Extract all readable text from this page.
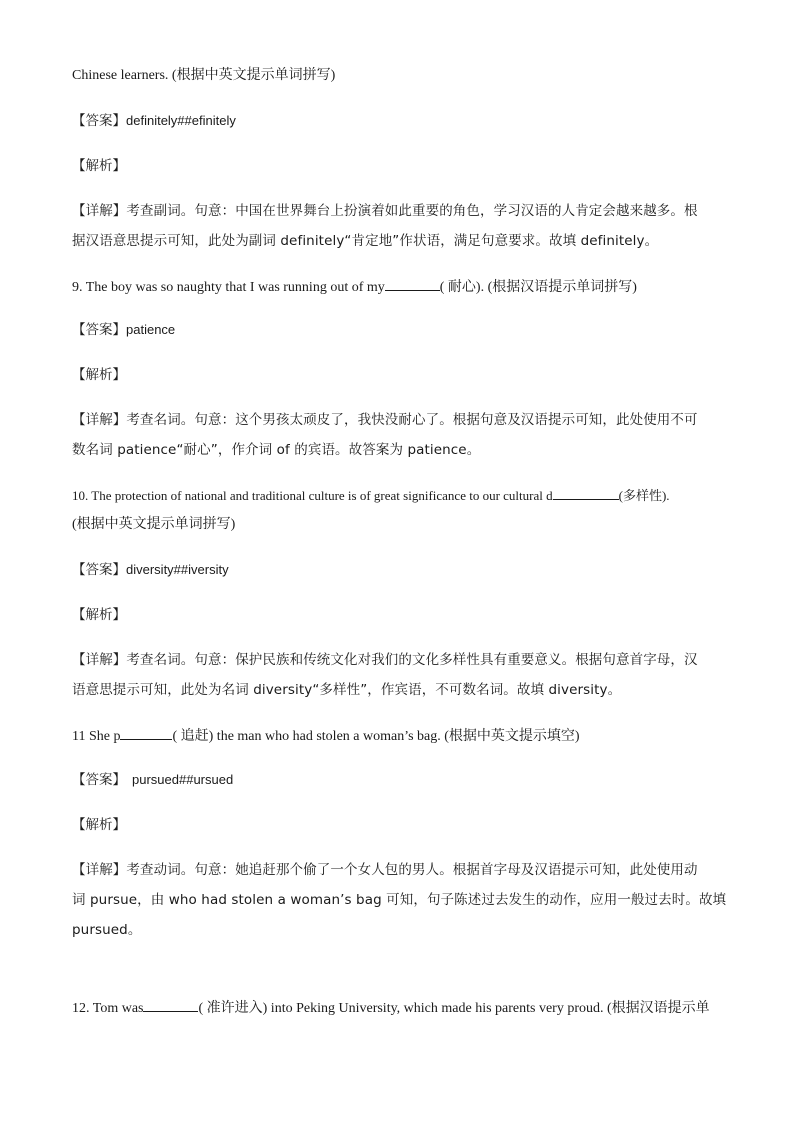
Chinese learners. (根据中英文提示单词拼写)
【答案】definitely##efinitely
【解析】
【详解】考查副词。句意：中国在世界舞台上扮演着如此重要的角色，学习汉语的人肯定会越来越多。根
据汉语意思提示可知，此处为副词 definitely“肯定地”作状语，满足句意要求。故填 definitely。
9. The boy was so naughty that I was running out of my	( 耐心). (根据汉语提示单词拼写)
【答案】patience
【解析】
【详解】考查名词。句意：这个男孩太顽皮了，我快没耐心了。根据句意及汉语提示可知，此处使用不可
数名词 patience“耐心”，作介词 of 的宾语。故答案为 patience。
10. The protection of national and traditional culture is of great significance to our cultural d	(多样性).
(根据中英文提示单词拼写)
【答案】diversity##iversity
【解析】
【详解】考查名词。句意：保护民族和传统文化对我们的文化多样性具有重要意义。根据句意首字母，汉
语意思提示可知，此处为名词 diversity“多样性”，作宾语，不可数名词。故填 diversity。
11 She p	( 追赶) the man who had stolen a woman’s bag. (根据中英文提示填空)
【答案】 pursued##ursued
【解析】
【详解】考查动词。句意：她追赶那个偷了一个女人包的男人。根据首字母及汉语提示可知，此处使用动
词 pursue，由 who had stolen a woman’s bag 可知，句子陈述过去发生的动作，应用一般过去时。故填
pursued。
12. Tom was	( 准许进入) into Peking University, which made his parents very proud. (根据汉语提示单
